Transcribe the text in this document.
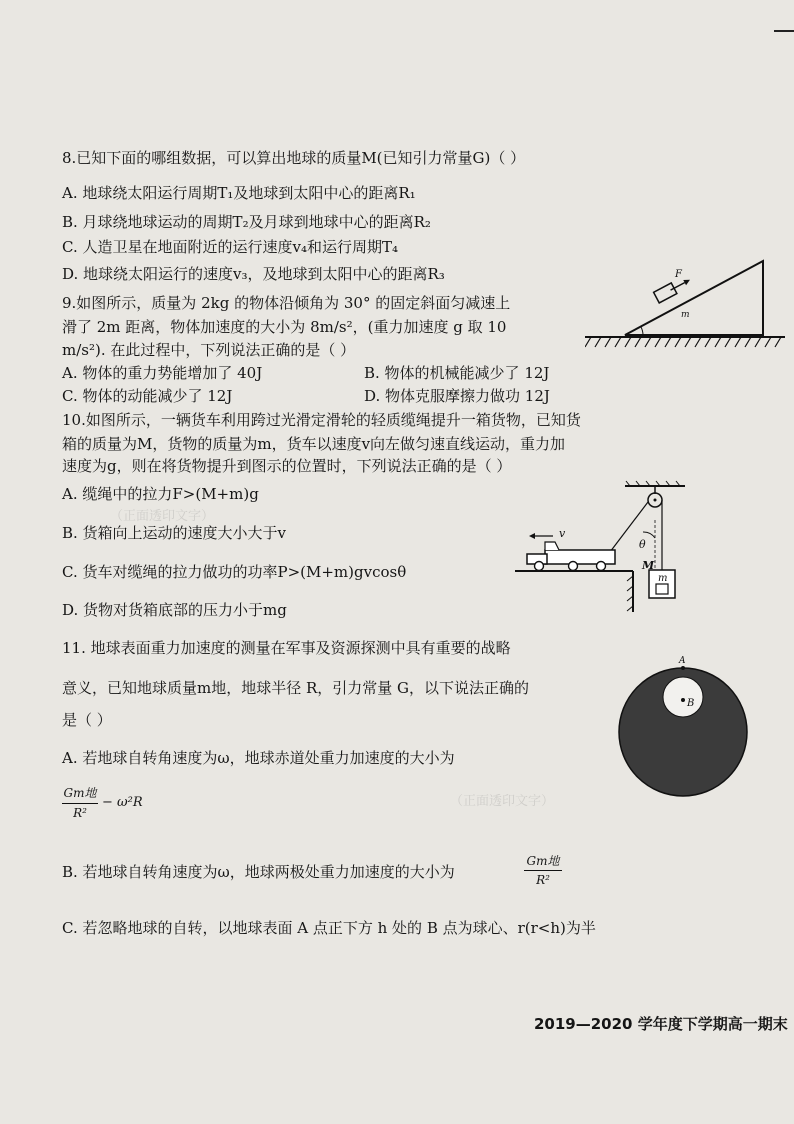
（正面透印文字）
（正面透印文字）
8.已知下面的哪组数据，可以算出地球的质量M(已知引力常量G)（ ）
A. 地球绕太阳运行周期T₁及地球到太阳中心的距离R₁
B. 月球绕地球运动的周期T₂及月球到地球中心的距离R₂
C. 人造卫星在地面附近的运行速度v₄和运行周期T₄
D. 地球绕太阳运行的速度v₃，及地球到太阳中心的距离R₃
9.如图所示，质量为 2kg 的物体沿倾角为 30° 的固定斜面匀减速上
滑了 2m 距离，物体加速度的大小为 8m/s²，(重力加速度 g 取 10
m/s²). 在此过程中，下列说法正确的是（ ）
A. 物体的重力势能增加了 40J	B. 物体的机械能减少了 12J
C. 物体的动能减少了 12J	D. 物体克服摩擦力做功 12J
F
m
10.如图所示，一辆货车利用跨过光滑定滑轮的轻质缆绳提升一箱货物，已知货
箱的质量为M，货物的质量为m，货车以速度v向左做匀速直线运动，重力加
速度为g，则在将货物提升到图示的位置时，下列说法正确的是（ ）
A. 缆绳中的拉力F>(M+m)g
B. 货箱向上运动的速度大小大于v
C. 货车对缆绳的拉力做功的功率P>(M+m)gvcosθ
D. 货物对货箱底部的压力小于mg
θ
v
M
m
11. 地球表面重力加速度的测量在军事及资源探测中具有重要的战略
意义，已知地球质量m地，地球半径 R，引力常量 G，以下说法正确的
是（ ）
A. 若地球自转角速度为ω，地球赤道处重力加速度的大小为
Gm地
R²
− ω²R
B. 若地球自转角速度为ω，地球两极处重力加速度的大小为
Gm地
R²
C. 若忽略地球的自转，以地球表面 A 点正下方 h 处的 B 点为球心、r(r<h)为半
A
B
2019—2020 学年度下学期高一期末
